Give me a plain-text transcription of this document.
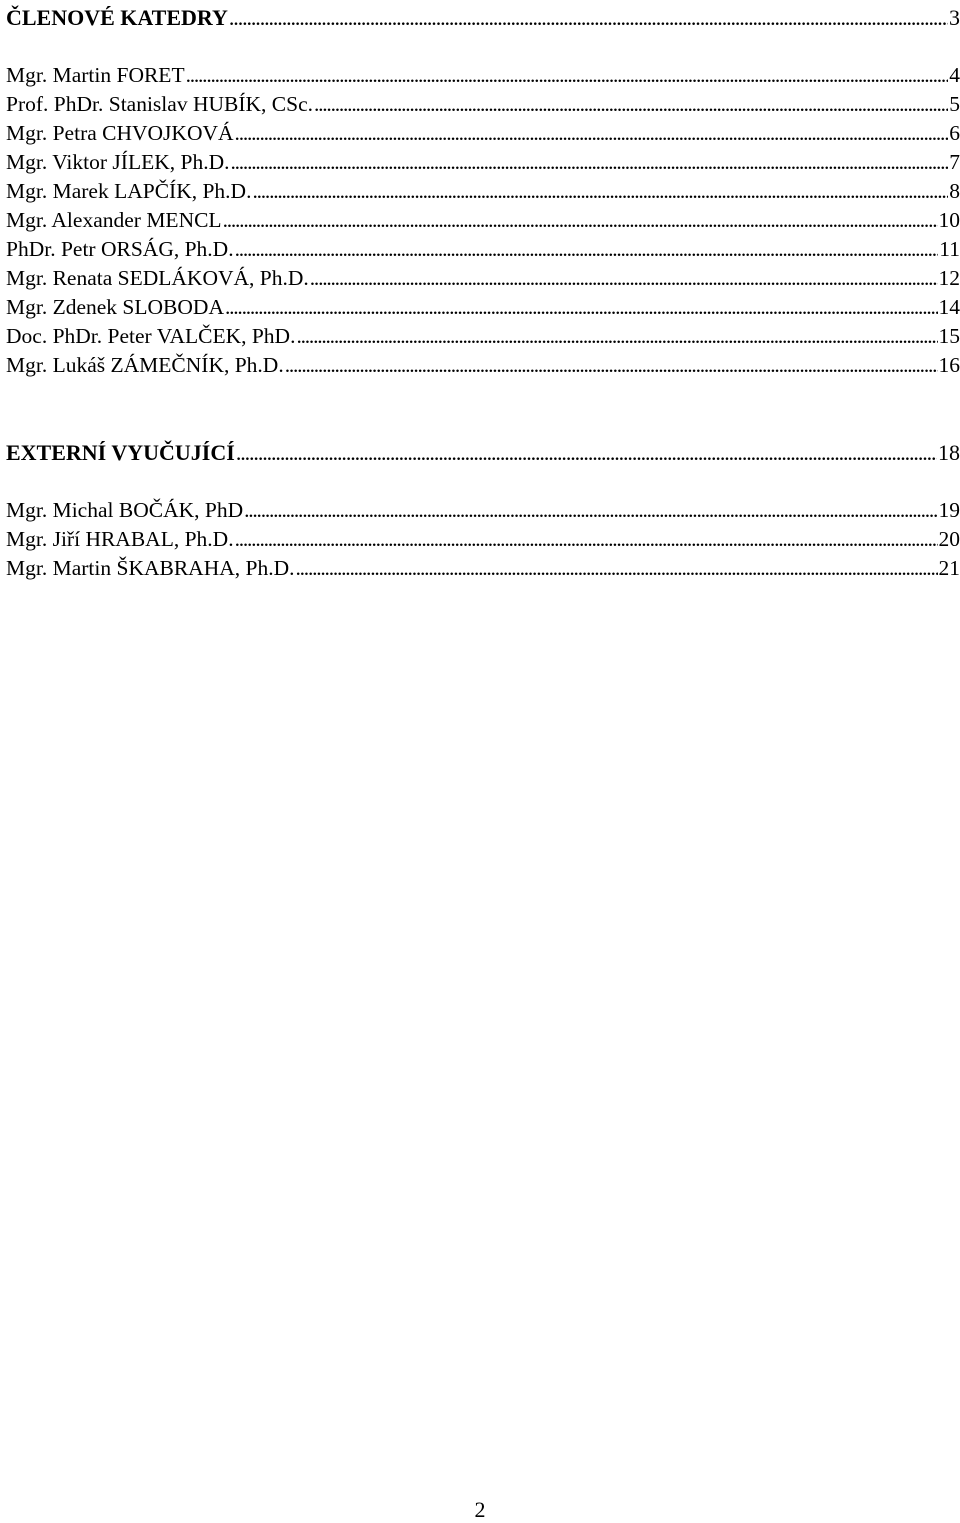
ČLENOVÉ KATEDRY . . .	3
Mgr. Martin FORET . . .	4
Prof. PhDr. Stanislav HUBÍK, CSc. . . .	5
Mgr. Petra CHVOJKOVÁ . . .	6
Mgr. Viktor JÍLEK, Ph.D. . . .	7
Mgr. Marek LAPČÍK, Ph.D. . . .	8
Mgr. Alexander MENCL . . .	10
PhDr. Petr ORSÁG, Ph.D. . . .	11
Mgr. Renata SEDLÁKOVÁ, Ph.D. . . .	12
Mgr. Zdenek SLOBODA . . .	14
Doc. PhDr. Peter VALČEK, PhD. . . .	15
Mgr. Lukáš ZÁMEČNÍK, Ph.D. . . .	16
EXTERNÍ VYUČUJÍCÍ . . .	18
Mgr. Michal BOČÁK, PhD . . .	19
Mgr. Jiří HRABAL, Ph.D. . . .	20
Mgr. Martin ŠKABRAHA, Ph.D. . . .	21
2
